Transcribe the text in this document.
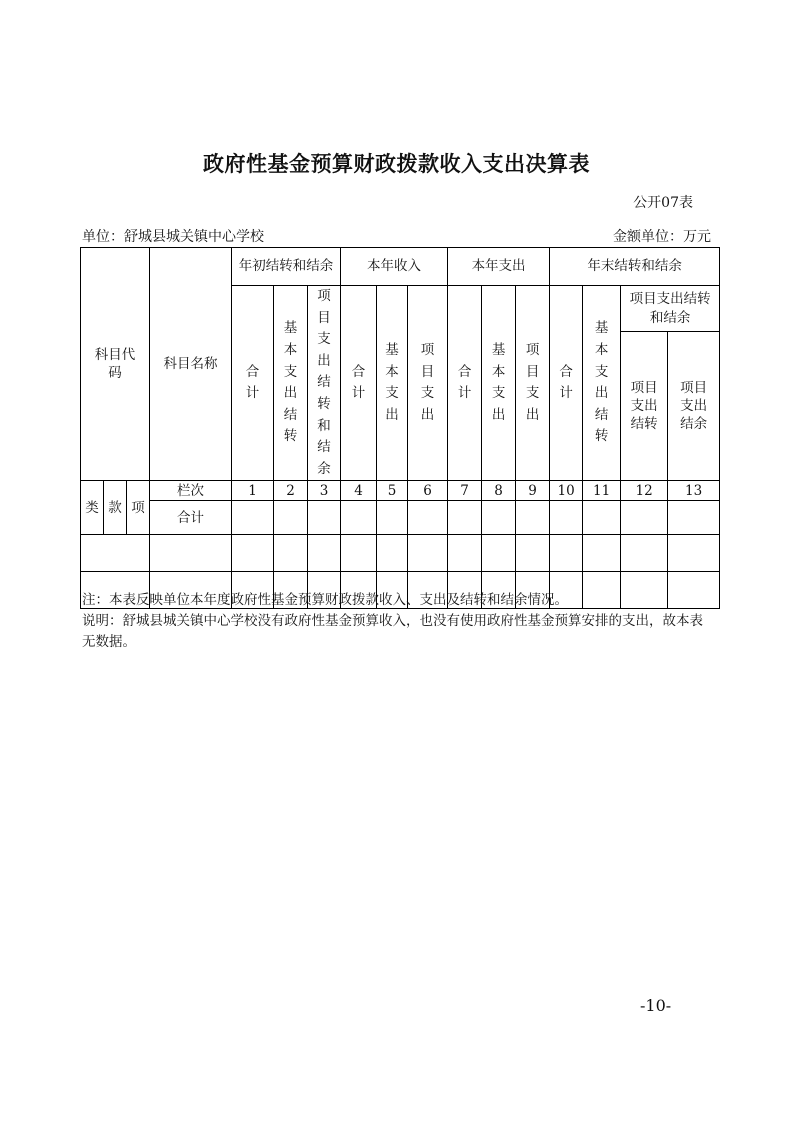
政府性基金预算财政拨款收入支出决算表
公开07表
单位：舒城县城关镇中心学校	金额单位：万元
科目代码			科目名称	年初结转和结余			本年收入			本年支出			年末结转和结余			
				合计	基本支出结转	项目支出结转和结余	合计	基本支出	项目支出	合计	基本支出	项目支出	合计	基本支出结转	项目支出结转和结余	

															项目支出结转	项目支出结余
类	款	项	栏次	1	2	3	4	5	6	7	8	9	10	11	12	13
			合计													

注：本表反映单位本年度政府性基金预算财政拨款收入、支出及结转和结余情况。
说明：舒城县城关镇中心学校没有政府性基金预算收入，也没有使用政府性基金预算安排的支出，故本表无数据。
-10-
